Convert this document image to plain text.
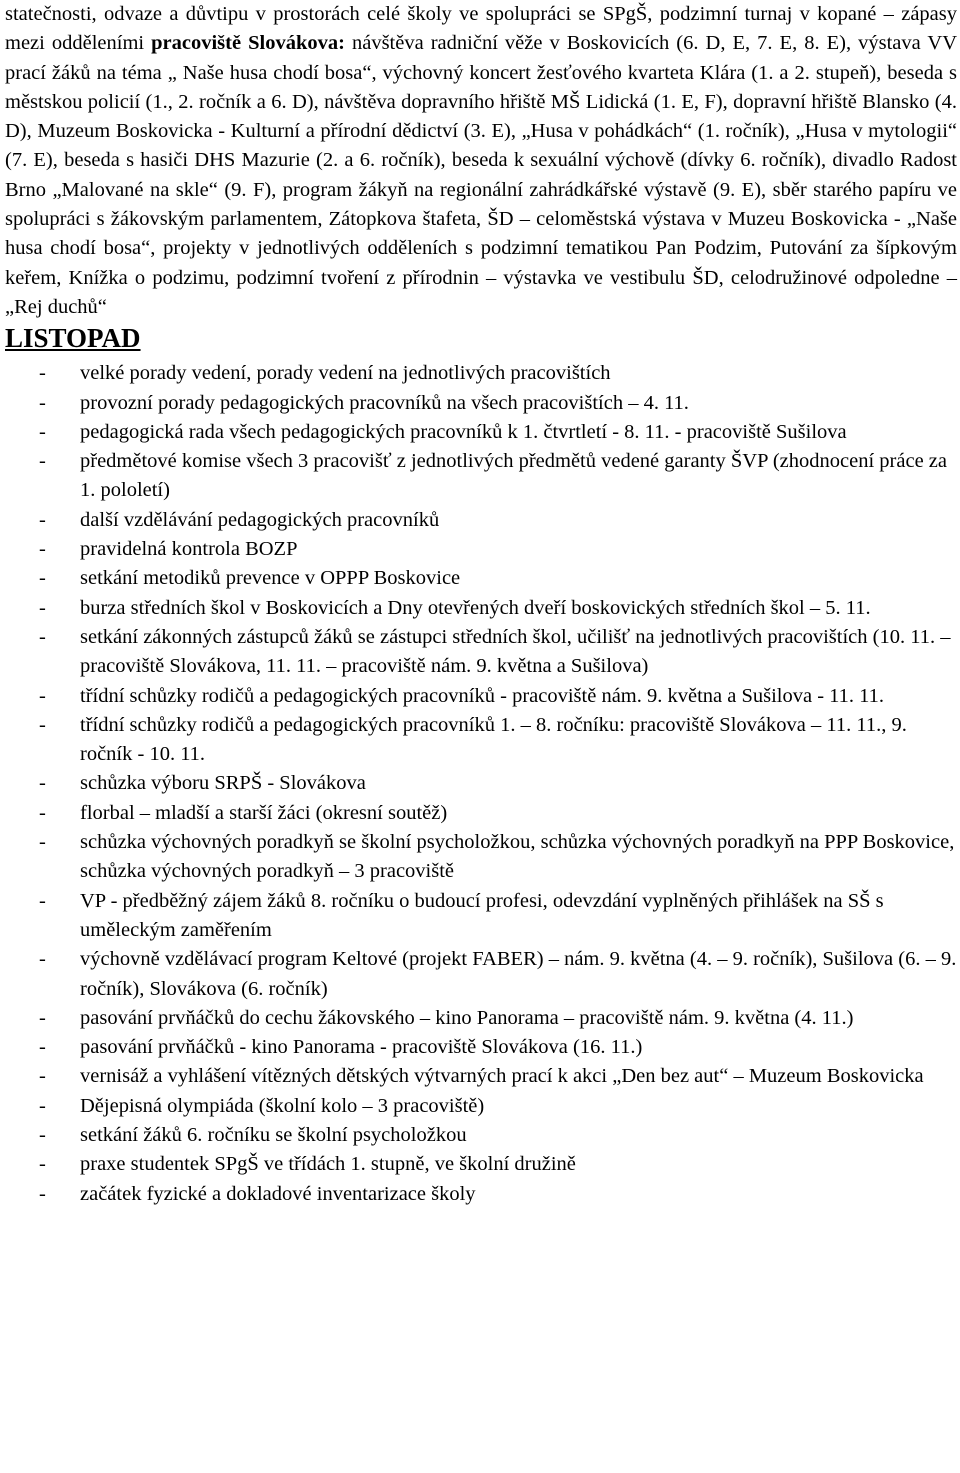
statečnosti, odvaze a důvtipu v prostorách celé školy ve spolupráci se SPgŠ, podzimní turnaj v kopané – zápasy mezi odděleními pracoviště Slovákova: návštěva radniční věže v Boskovicích (6. D, E, 7. E, 8. E), výstava VV prací žáků na téma „ Naše husa chodí bosa“, výchovný koncert žesťového kvarteta Klára (1. a 2. stupeň), beseda s městskou policií (1., 2. ročník a 6. D), návštěva dopravního hřiště MŠ Lidická (1. E, F), dopravní hřiště Blansko (4. D), Muzeum Boskovicka - Kulturní a přírodní dědictví (3. E), „Husa v pohádkách“ (1. ročník), „Husa v mytologii“ (7. E), beseda s hasiči DHS Mazurie (2. a 6. ročník), beseda k sexuální výchově (dívky 6. ročník), divadlo Radost Brno „Malované na skle“ (9. F), program žákyň na regionální zahrádkářské výstavě (9. E), sběr starého papíru ve spolupráci s žákovským parlamentem, Zátopkova štafeta, ŠD – celoměstská výstava v Muzeu Boskovicka - „Naše husa chodí bosa“, projekty v jednotlivých odděleních s podzimní tematikou Pan Podzim, Putování za šípkovým keřem, Knížka o podzimu, podzimní tvoření z přírodnin – výstavka ve vestibulu ŠD, celodružinové odpoledne – „Rej duchů“

LISTOPAD
- velké porady vedení, porady vedení na jednotlivých pracovištích
- provozní porady pedagogických pracovníků na všech pracovištích – 4. 11.
- pedagogická rada všech pedagogických pracovníků k 1. čtvrtletí - 8. 11. - pracoviště Sušilova
- předmětové komise všech 3 pracovišť z jednotlivých předmětů vedené garanty ŠVP (zhodnocení práce za 1. pololetí)
- další vzdělávání pedagogických pracovníků
- pravidelná kontrola BOZP
- setkání metodiků prevence v OPPP Boskovice
- burza středních škol v Boskovicích a Dny otevřených dveří boskovických středních škol – 5. 11.
- setkání zákonných zástupců žáků se zástupci středních škol, učilišť na jednotlivých pracovištích (10. 11. – pracoviště Slovákova, 11. 11. – pracoviště nám. 9. května a Sušilova)
- třídní schůzky rodičů a pedagogických pracovníků - pracoviště nám. 9. května a Sušilova - 11. 11.
- třídní schůzky rodičů a pedagogických pracovníků 1. – 8. ročníku: pracoviště Slovákova – 11. 11., 9. ročník - 10. 11.
- schůzka výboru SRPŠ - Slovákova
- florbal – mladší a starší žáci (okresní soutěž)
- schůzka výchovných poradkyň se školní psycholožkou, schůzka výchovných poradkyň na PPP Boskovice, schůzka výchovných poradkyň – 3 pracoviště
- VP - předběžný zájem žáků 8. ročníku o budoucí profesi, odevzdání vyplněných přihlášek na SŠ s uměleckým zaměřením
- výchovně vzdělávací program Keltové (projekt FABER) – nám. 9. května (4. – 9. ročník), Sušilova (6. – 9. ročník), Slovákova (6. ročník)
- pasování prvňáčků do cechu žákovského – kino Panorama – pracoviště nám. 9. května (4. 11.)
- pasování prvňáčků - kino Panorama - pracoviště Slovákova (16. 11.)
- vernisáž a vyhlášení vítězných dětských výtvarných prací k akci „Den bez aut“ – Muzeum Boskovicka
- Dějepisná olympiáda (školní kolo – 3 pracoviště)
- setkání žáků 6. ročníku se školní psycholožkou
- praxe studentek SPgŠ ve třídách 1. stupně, ve školní družině
- začátek fyzické a dokladové inventarizace školy
